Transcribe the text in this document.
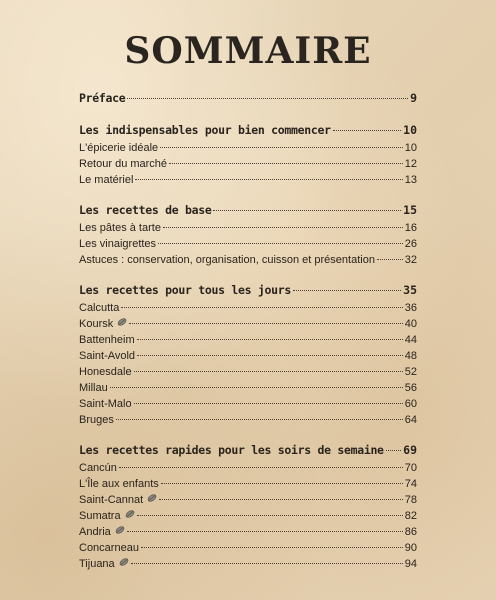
SOMMAIRE
Préface	9
Les indispensables pour bien commencer	10
L'épicerie idéale	10
Retour du marché	12
Le matériel	13
Les recettes de base	15
Les pâtes à tarte	16
Les vinaigrettes	26
Astuces : conservation, organisation, cuisson et présentation	32
Les recettes pour tous les jours	35
Calcutta	36
Koursk	40
Battenheim	44
Saint-Avold	48
Honesdale	52
Millau	56
Saint-Malo	60
Bruges	64
Les recettes rapides pour les soirs de semaine 69
Cancún	70
L'Île aux enfants	74
Saint-Cannat	78
Sumatra	82
Andria	86
Concarneau	90
Tijuana	94
